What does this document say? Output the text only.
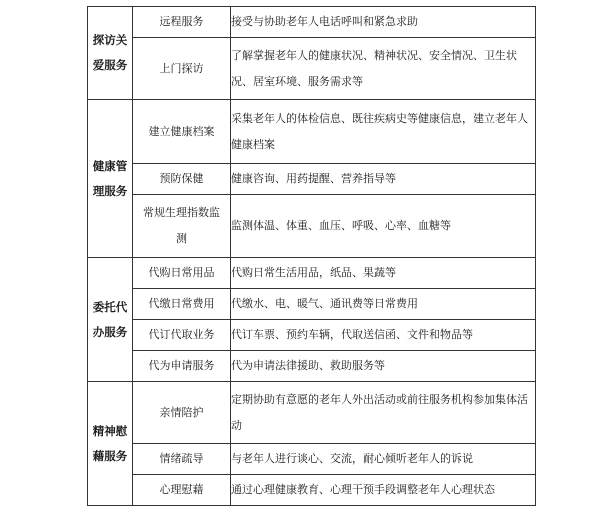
探访关爱服务	远程服务	接受与协助老年人电话呼叫和紧急求助
	上门探访	了解掌握老年人的健康状况、精神状况、安全情况、卫生状况、居室环境、服务需求等
健康管理服务	建立健康档案	采集老年人的体检信息、既往疾病史等健康信息，建立老年人健康档案
	预防保健	健康咨询、用药提醒、营养指导等
	常规生理指数监测	监测体温、体重、血压、呼吸、心率、血糖等
委托代办服务	代购日常用品	代购日常生活用品，纸品、果蔬等
	代缴日常费用	代缴水、电、暖气、通讯费等日常费用
	代订代取业务	代订车票、预约车辆，代取送信函、文件和物品等
	代为申请服务	代为申请法律援助、救助服务等
精神慰藉服务	亲情陪护	定期协助有意愿的老年人外出活动或前往服务机构参加集体活动
	情绪疏导	与老年人进行谈心、交流，耐心倾听老年人的诉说
	心理慰藉	通过心理健康教育、心理干预手段调整老年人心理状态
